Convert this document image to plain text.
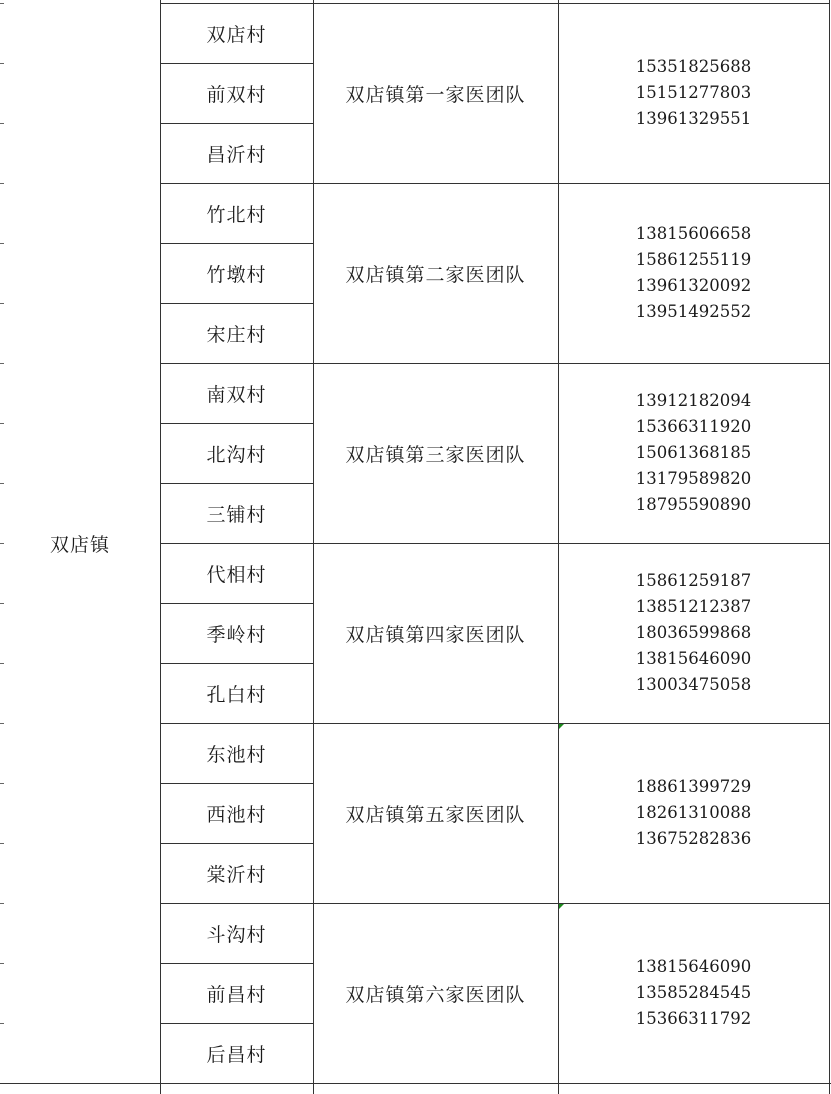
双店镇
双店村
前双村
昌沂村
双店镇第一家医团队
15351825688
15151277803
13961329551
竹北村
竹墩村
宋庄村
双店镇第二家医团队
13815606658
15861255119
13961320092
13951492552
南双村
北沟村
三铺村
双店镇第三家医团队
13912182094
15366311920
15061368185
13179589820
18795590890
代相村
季岭村
孔白村
双店镇第四家医团队
15861259187
13851212387
18036599868
13815646090
13003475058
东池村
西池村
棠沂村
双店镇第五家医团队
18861399729
18261310088
13675282836
斗沟村
前昌村
后昌村
双店镇第六家医团队
13815646090
13585284545
15366311792
